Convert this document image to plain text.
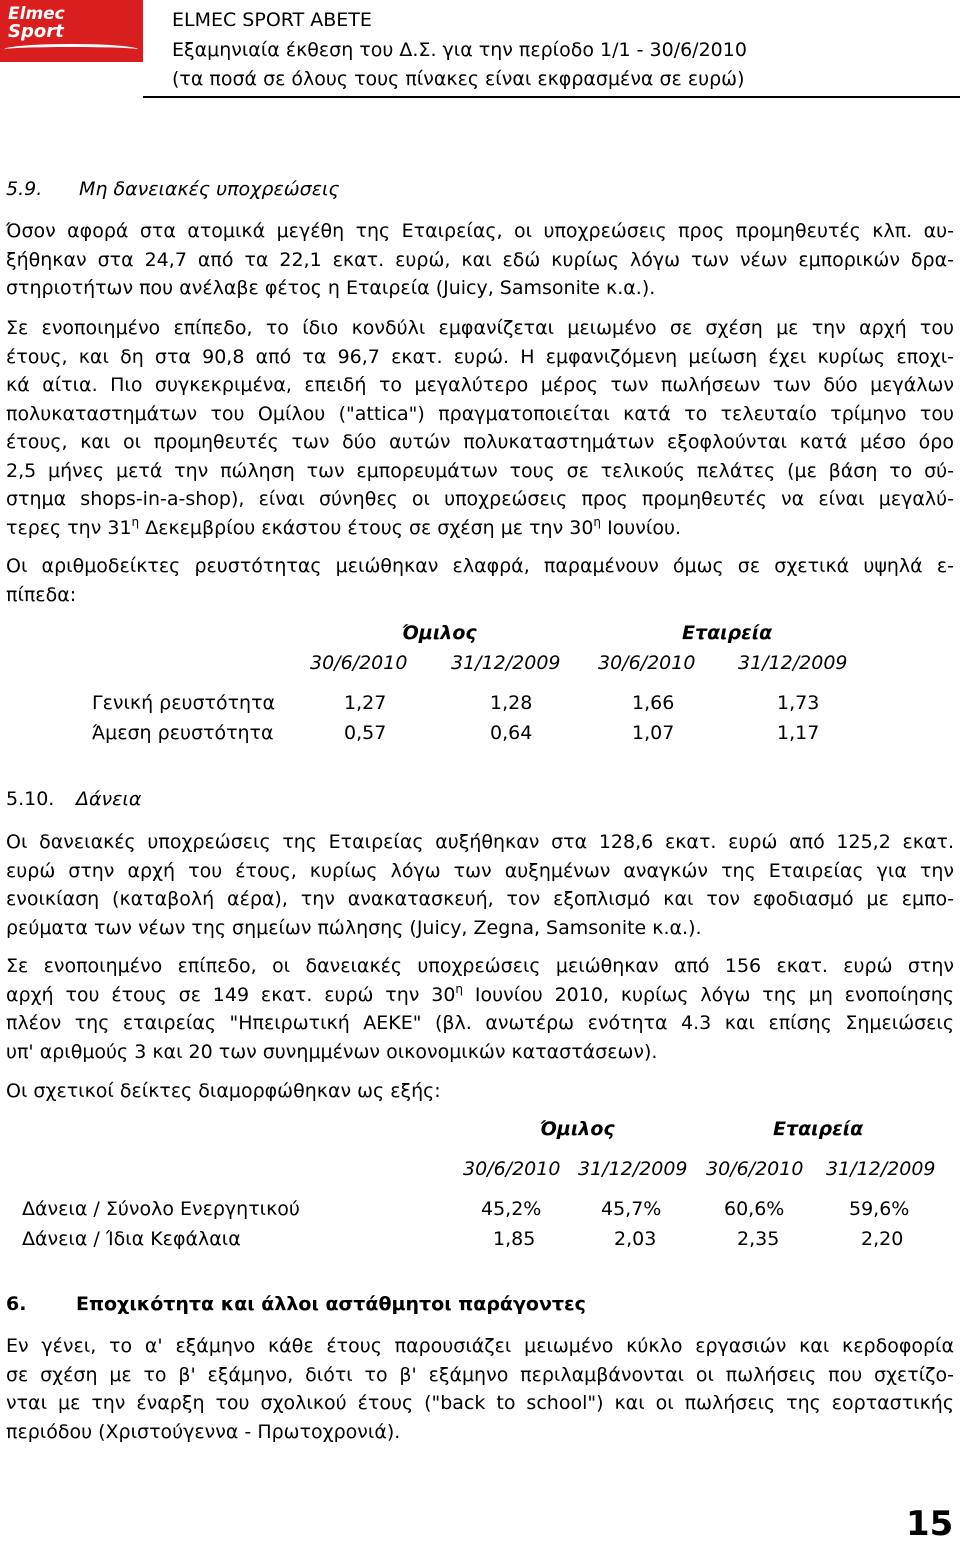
Elmec
Sport
ELMEC SPORT ABETE
Εξαμηνιαία έκθεση του Δ.Σ. για την περίοδο 1/1 - 30/6/2010
(τα ποσά σε όλους τους πίνακες είναι εκφρασμένα σε ευρώ)
5.9. Μη δανειακές υποχρεώσεις
Όσον αφορά στα ατομικά μεγέθη της Εταιρείας, οι υποχρεώσεις προς προμηθευτές κλπ. αυ-
ξήθηκαν στα 24,7 από τα 22,1 εκατ. ευρώ, και εδώ κυρίως λόγω των νέων εμπορικών δρα-
στηριοτήτων που ανέλαβε φέτος η Εταιρεία (Juicy, Samsonite κ.α.).
Σε ενοποιημένο επίπεδο, το ίδιο κονδύλι εμφανίζεται μειωμένο σε σχέση με την αρχή του
έτους, και δη στα 90,8 από τα 96,7 εκατ. ευρώ. Η εμφανιζόμενη μείωση έχει κυρίως εποχι-
κά αίτια. Πιο συγκεκριμένα, επειδή το μεγαλύτερο μέρος των πωλήσεων των δύο μεγάλων
πολυκαταστημάτων του Ομίλου ("attica") πραγματοποιείται κατά το τελευταίο τρίμηνο του
έτους, και οι προμηθευτές των δύο αυτών πολυκαταστημάτων εξοφλούνται κατά μέσο όρο
2,5 μήνες μετά την πώληση των εμπορευμάτων τους σε τελικούς πελάτες (με βάση το σύ-
στημα shops-in-a-shop), είναι σύνηθες οι υποχρεώσεις προς προμηθευτές να είναι μεγαλύ-
τερες την $31^\eta$ Δεκεμβρίου εκάστου έτους σε σχέση με την $30^\eta$ Ιουνίου.
Οι αριθμοδείκτες ρευστότητας μειώθηκαν ελαφρά, παραμένουν όμως σε σχετικά υψηλά ε-
πίπεδα:
Όμιλος	Εταιρεία
30/6/2010 31/12/2009 30/6/2010 31/12/2009
Γενική ρευστότητα	1,27	1,28	1,66	1,73
Άμεση ρευστότητα	0,57	0,64	1,07	1,17
5.10. Δάνεια
Οι δανειακές υποχρεώσεις της Εταιρείας αυξήθηκαν στα 128,6 εκατ. ευρώ από 125,2 εκατ.
ευρώ στην αρχή του έτους, κυρίως λόγω των αυξημένων αναγκών της Εταιρείας για την
ενοικίαση (καταβολή αέρα), την ανακατασκευή, τον εξοπλισμό και τον εφοδιασμό με εμπο-
ρεύματα των νέων της σημείων πώλησης (Juicy, Zegna, Samsonite κ.α.).
Σε ενοποιημένο επίπεδο, οι δανειακές υποχρεώσεις μειώθηκαν από 156 εκατ. ευρώ στην
αρχή του έτους σε 149 εκατ. ευρώ την $30^\eta$ Ιουνίου 2010, κυρίως λόγω της μη ενοποίησης
πλέον της εταιρείας "Ηπειρωτική ΑΕΚΕ" (βλ. ανωτέρω ενότητα 4.3 και επίσης Σημειώσεις
υπ' αριθμούς 3 και 20 των συνημμένων οικονομικών καταστάσεων).
Οι σχετικοί δείκτες διαμορφώθηκαν ως εξής:
Όμιλος	Εταιρεία
30/6/2010 31/12/2009 30/6/2010 31/12/2009
Δάνεια / Σύνολο Ενεργητικού	45,2%	45,7%	60,6%	59,6%
Δάνεια / Ίδια Κεφάλαια	1,85	2,03	2,35	2,20
6.	Εποχικότητα και άλλοι αστάθμητοι παράγοντες
Εν γένει, το α' εξάμηνο κάθε έτους παρουσιάζει μειωμένο κύκλο εργασιών και κερδοφορία
σε σχέση με το β' εξάμηνο, διότι το β' εξάμηνο περιλαμβάνονται οι πωλήσεις που σχετίζο-
νται με την έναρξη του σχολικού έτους ("back to school") και οι πωλήσεις της εορταστικής
περιόδου (Χριστούγεννα - Πρωτοχρονιά).
15
